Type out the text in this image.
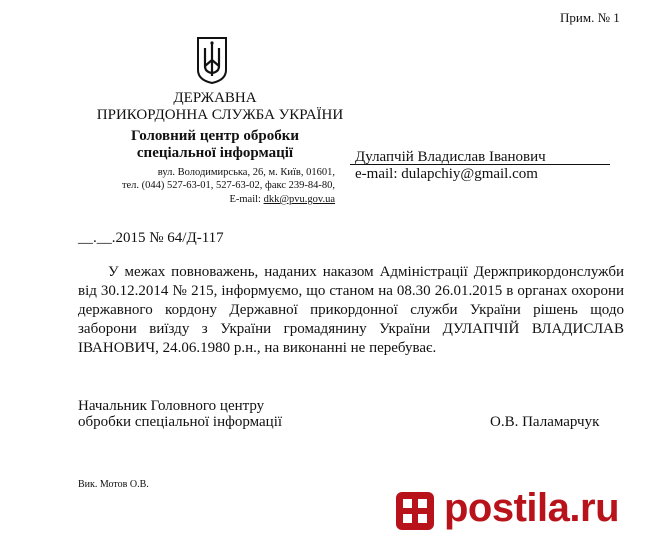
Прим. № 1
ДЕРЖАВНА
ПРИКОРДОННА СЛУЖБА УКРАЇНИ
Головний центр обробки
спеціальної інформації
вул. Володимирська, 26, м. Київ, 01601,
тел. (044) 527-63-01, 527-63-02, факс 239-84-80,
E-mail: dkk@pvu.gov.ua
Дулапчій Владислав Іванович
e-mail: dulapchiy@gmail.com
__.__.2015 № 64/Д-117
У межах повноважень, наданих наказом Адміністрації Держприкордонслужби від 30.12.2014 № 215, інформуємо, що станом на 08.30 26.01.2015 в органах охорони державного кордону Державної прикордонної служби України рішень щодо заборони виїзду з України громадянину України ДУЛАПЧІЙ ВЛАДИСЛАВ ІВАНОВИЧ, 24.06.1980 р.н., на виконанні не перебуває.
Начальник Головного центру
обробки спеціальної інформації	О.В. Паламарчук
Вик. Мотов О.В.
postila.ru
